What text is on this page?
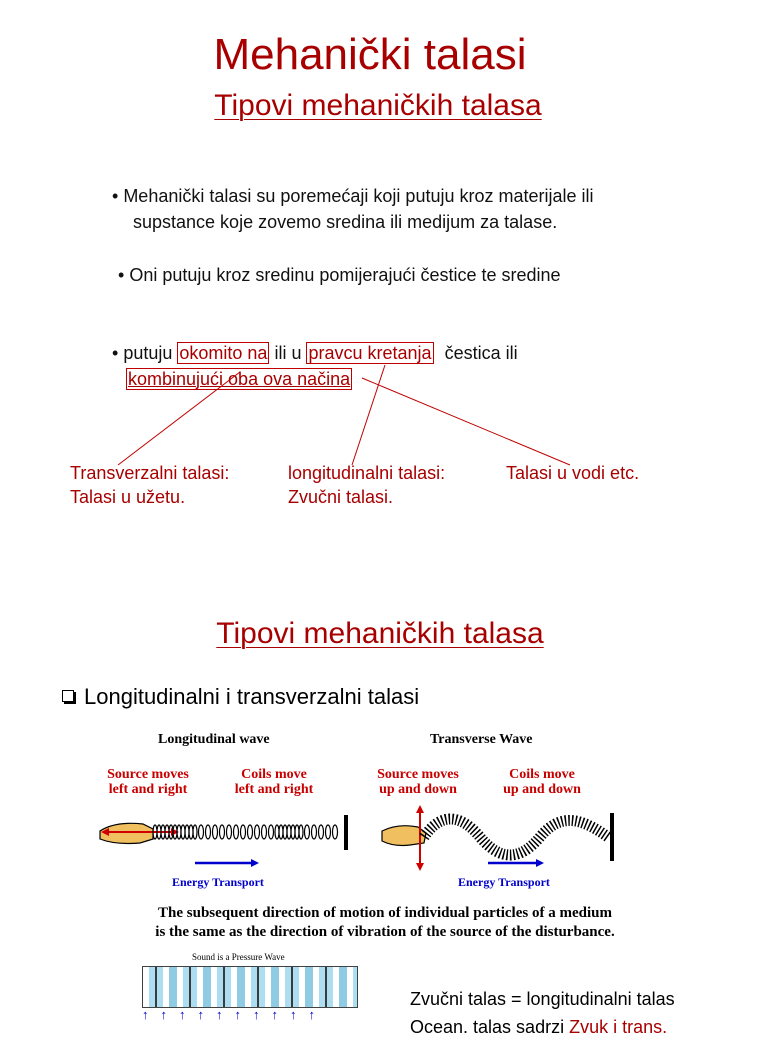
Mehanički talasi
Tipovi mehaničkih talasa
• Mehanički talasi su poremećaji koji putuju kroz materijale ili
supstance koje zovemo sredina ili medijum za talase.
• Oni putuju kroz sredinu pomijerajući čestice te sredine
• putuju okomito na ili u pravcu kretanja čestica ili
kombinujući oba ova načina
Transverzalni talasi:
Talasi u užetu.
longitudinalni talasi:
Zvučni talasi.
Talasi u vodi etc.
Tipovi mehaničkih talasa
Longitudinalni i transverzalni talasi
Longitudinal wave	Transverse Wave
Source moves
left and right
Coils move
left and right
Source moves
up and down
Coils move
up and down
Energy Transport	Energy Transport
The subsequent direction of motion of individual particles of a medium
is the same as the direction of vibration of the source of the disturbance.
Sound is a Pressure Wave
↑↑↑↑↑↑↑↑↑↑
Zvučni talas = longitudinalni talas
Ocean. talas sadrzi Zvuk i trans.
